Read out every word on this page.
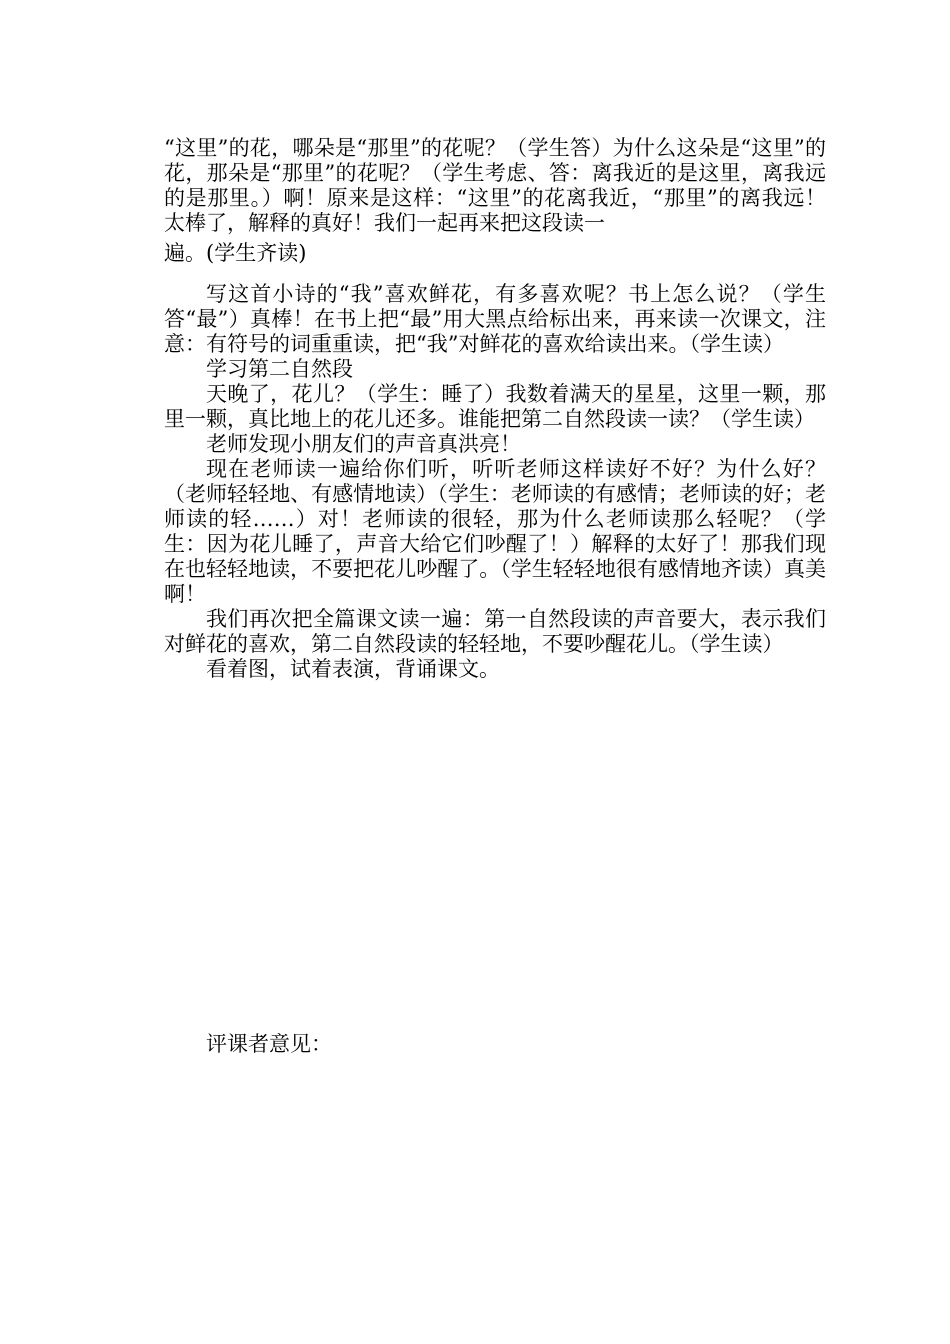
“这里”的花，哪朵是“那里”的花呢？（学生答）为什么这朵是“这里”的花，那朵是“那里”的花呢？（学生考虑、答：离我近的是这里，离我远的是那里。）啊！原来是这样：“这里”的花离我近，“那里”的离我远！太棒了，解释的真好！我们一起再来把这段读一

遍。(学生齐读)

写这首小诗的“我”喜欢鲜花，有多喜欢呢？书上怎么说？（学生答“最”）真棒！在书上把“最”用大黑点给标出来，再来读一次课文，注意：有符号的词重重读，把“我”对鲜花的喜欢给读出来。（学生读）

学习第二自然段

天晚了，花儿？（学生：睡了）我数着满天的星星，这里一颗，那里一颗，真比地上的花儿还多。谁能把第二自然段读一读？（学生读）

老师发现小朋友们的声音真洪亮！

现在老师读一遍给你们听，听听老师这样读好不好？为什么好？（老师轻轻地、有感情地读）（学生：老师读的有感情；老师读的好；老师读的轻……）对！老师读的很轻，那为什么老师读那么轻呢？（学生：因为花儿睡了，声音大给它们吵醒了！）解释的太好了！那我们现在也轻轻地读，不要把花儿吵醒了。（学生轻轻地很有感情地齐读）真美啊！

我们再次把全篇课文读一遍：第一自然段读的声音要大，表示我们对鲜花的喜欢，第二自然段读的轻轻地，不要吵醒花儿。（学生读）

看着图，试着表演，背诵课文。

评课者意见：
